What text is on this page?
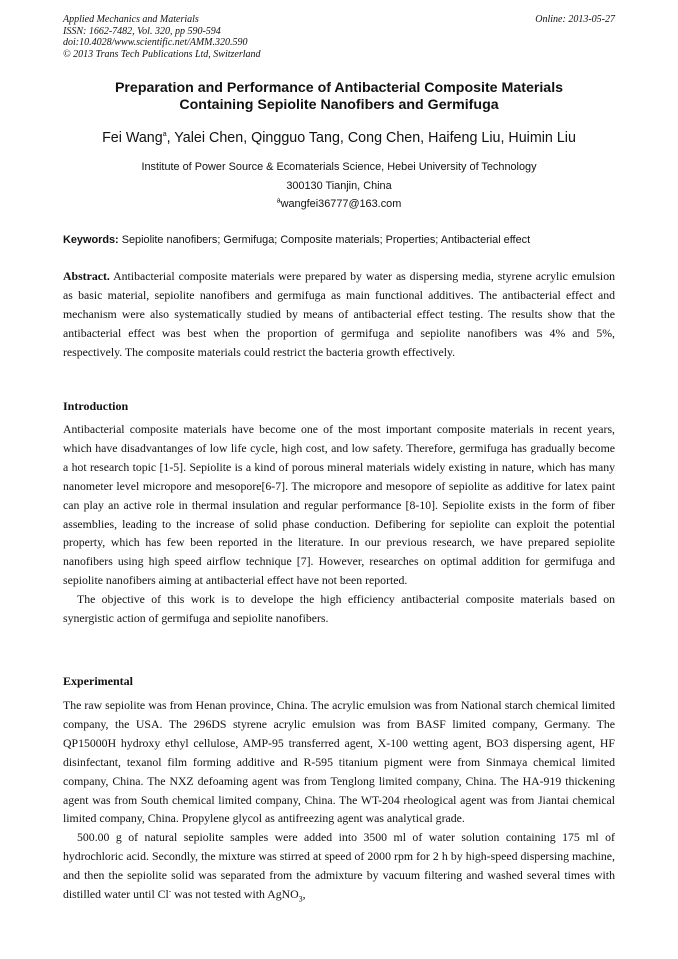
Applied Mechanics and Materials	Online: 2013-05-27
ISSN: 1662-7482, Vol. 320, pp 590-594
doi:10.4028/www.scientific.net/AMM.320.590
© 2013 Trans Tech Publications Ltd, Switzerland
Preparation and Performance of Antibacterial Composite Materials
Containing Sepiolite Nanofibers and Germifuga
Fei Wang$^a$, Yalei Chen, Qingguo Tang, Cong Chen, Haifeng Liu, Huimin Liu
Institute of Power Source & Ecomaterials Science, Hebei University of Technology
300130 Tianjin, China
$^a$wangfei36777@163.com
Keywords: Sepiolite nanofibers; Germifuga; Composite materials; Properties; Antibacterial effect

Abstract. Antibacterial composite materials were prepared by water as dispersing media, styrene acrylic emulsion as basic material, sepiolite nanofibers and germifuga as main functional additives. The antibacterial effect and mechanism were also systematically studied by means of antibacterial effect testing. The results show that the antibacterial effect was best when the proportion of germifuga and sepiolite nanofibers was 4% and 5%, respectively. The composite materials could restrict the bacteria growth effectively.

Introduction

Antibacterial composite materials have become one of the most important composite materials in recent years, which have disadvantanges of low life cycle, high cost, and low safety. Therefore, germifuga has gradually become a hot research topic [1-5]. Sepiolite is a kind of porous mineral materials widely existing in nature, which has many nanometer level micropore and mesopore[6-7]. The micropore and mesopore of sepiolite as additive for latex paint can play an active role in thermal insulation and regular performance [8-10]. Sepiolite exists in the form of fiber assemblies, leading to the increase of solid phase conduction. Defibering for sepiolite can exploit the potential property, which has few been reported in the literature. In our previous research, we have prepared sepiolite nanofibers using high speed airflow technique [7]. However, researches on optimal addition for germifuga and sepiolite nanofibers aiming at antibacterial effect have not been reported.

The objective of this work is to develope the high efficiency antibacterial composite materials based on synergistic action of germifuga and sepiolite nanofibers.

Experimental

The raw sepiolite was from Henan province, China. The acrylic emulsion was from National starch chemical limited company, the USA. The 296DS styrene acrylic emulsion was from BASF limited company, Germany. The QP15000H hydroxy ethyl cellulose, AMP-95 transferred agent, X-100 wetting agent, BO3 dispersing agent, HF disinfectant, texanol film forming additive and R-595 titanium pigment were from Sinmaya chemical limited company, China. The NXZ defoaming agent was from Tenglong limited company, China. The HA-919 thickening agent was from South chemical limited company, China. The WT-204 rheological agent was from Jiantai chemical limited company, China. Propylene glycol as antifreezing agent was analytical grade.

500.00 g of natural sepiolite samples were added into 3500 ml of water solution containing 175 ml of hydrochloric acid. Secondly, the mixture was stirred at speed of 2000 rpm for 2 h by high-speed dispersing machine, and then the sepiolite solid was separated from the admixture by vacuum filtering and washed several times with distilled water until Cl- was not tested with AgNO$_3$,
